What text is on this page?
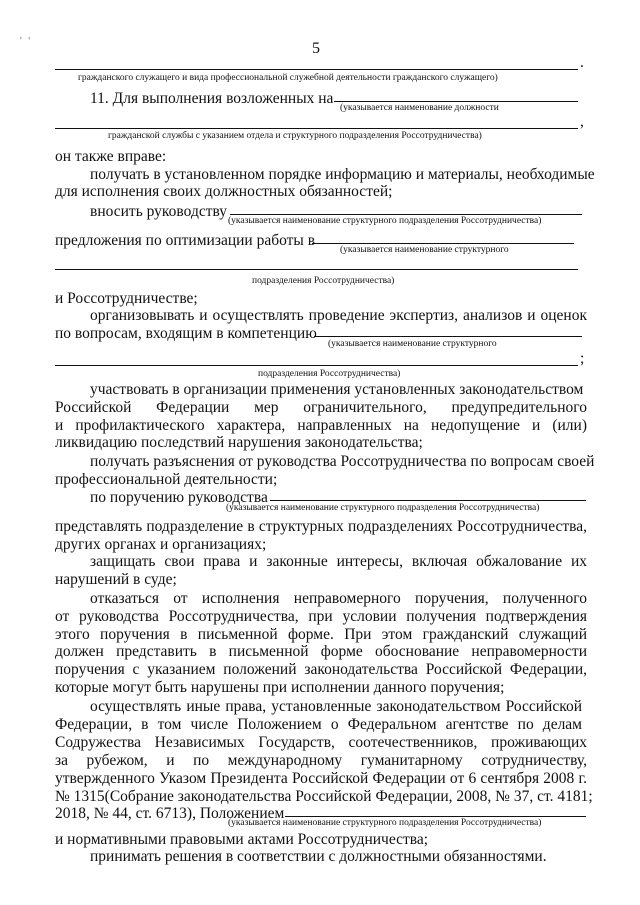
' '	5
.
гражданского служащего и вида профессиональной служебной деятельности гражданского служащего)
11. Для выполнения возложенных на
(указывается наименование должности
,
гражданской службы с указанием отдела и структурного подразделения Россотрудничества)
он также вправе:
получать в установленном порядке информацию и материалы, необходимые
для исполнения своих должностных обязанностей;
вносить руководству
(указывается наименование структурного подразделения Россотрудничества)
предложения по оптимизации работы в
(указывается наименование структурного
подразделения Россотрудничества)
и Россотрудничестве;
организовывать и осуществлять проведение экспертиз, анализов и оценок
по вопросам, входящим в компетенцию
(указывается наименование структурного
;
подразделения Россотрудничества)
участвовать в организации применения установленных законодательством
Российской Федерации мер ограничительного, предупредительного
и профилактического характера, направленных на недопущение и (или)
ликвидацию последствий нарушения законодательства;
получать разъяснения от руководства Россотрудничества по вопросам своей
профессиональной деятельности;
по поручению руководства
(указывается наименование структурного подразделения Россотрудничества)
представлять подразделение в структурных подразделениях Россотрудничества,
других органах и организациях;
защищать свои права и законные интересы, включая обжалование их
нарушений в суде;
отказаться от исполнения неправомерного поручения, полученного
от руководства Россотрудничества, при условии получения подтверждения
этого поручения в письменной форме. При этом гражданский служащий
должен представить в письменной форме обоснование неправомерности
поручения с указанием положений законодательства Российской Федерации,
которые могут быть нарушены при исполнении данного поручения;
осуществлять иные права, установленные законодательством Российской
Федерации, в том числе Положением о Федеральном агентстве по делам
Содружества Независимых Государств, соотечественников, проживающих
за рубежом, и по международному гуманитарному сотрудничеству,
утвержденного Указом Президента Российской Федерации от 6 сентября 2008 г.
№ 1315(Собрание законодательства Российской Федерации, 2008, № 37, ст. 4181;
2018, № 44, ст. 6713), Положением
(указывается наименование структурного подразделения Россотрудничества)
и нормативными правовыми актами Россотрудничества;
принимать решения в соответствии с должностными обязанностями.
